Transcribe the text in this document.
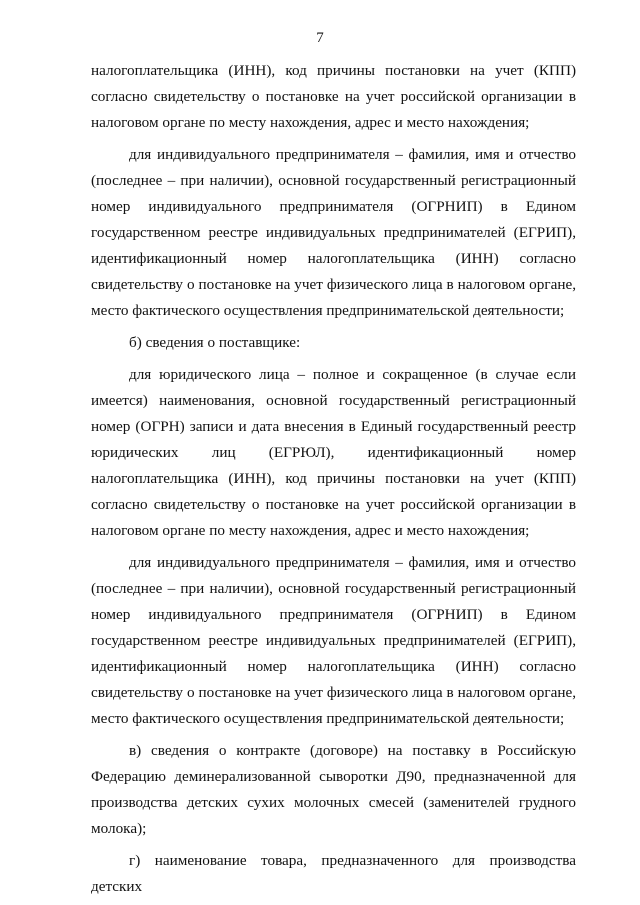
7

налогоплательщика (ИНН), код причины постановки на учет (КПП) согласно свидетельству о постановке на учет российской организации в налоговом органе по месту нахождения, адрес и место нахождения;

для индивидуального предпринимателя – фамилия, имя и отчество (последнее – при наличии), основной государственный регистрационный номер индивидуального предпринимателя (ОГРНИП) в Едином государственном реестре индивидуальных предпринимателей (ЕГРИП), идентификационный номер налогоплательщика (ИНН) согласно свидетельству о постановке на учет физического лица в налоговом органе, место фактического осуществления предпринимательской деятельности;

б) сведения о поставщике:

для юридического лица – полное и сокращенное (в случае если имеется) наименования, основной государственный регистрационный номер (ОГРН) записи и дата внесения в Единый государственный реестр юридических лиц (ЕГРЮЛ), идентификационный номер налогоплательщика (ИНН), код причины постановки на учет (КПП) согласно свидетельству о постановке на учет российской организации в налоговом органе по месту нахождения, адрес и место нахождения;

для индивидуального предпринимателя – фамилия, имя и отчество (последнее – при наличии), основной государственный регистрационный номер индивидуального предпринимателя (ОГРНИП) в Едином государственном реестре индивидуальных предпринимателей (ЕГРИП), идентификационный номер налогоплательщика (ИНН) согласно свидетельству о постановке на учет физического лица в налоговом органе, место фактического осуществления предпринимательской деятельности;

в) сведения о контракте (договоре) на поставку в Российскую Федерацию деминерализованной сыворотки Д90, предназначенной для производства детских сухих молочных смесей (заменителей грудного молока);

г) наименование товара, предназначенного для производства детских
